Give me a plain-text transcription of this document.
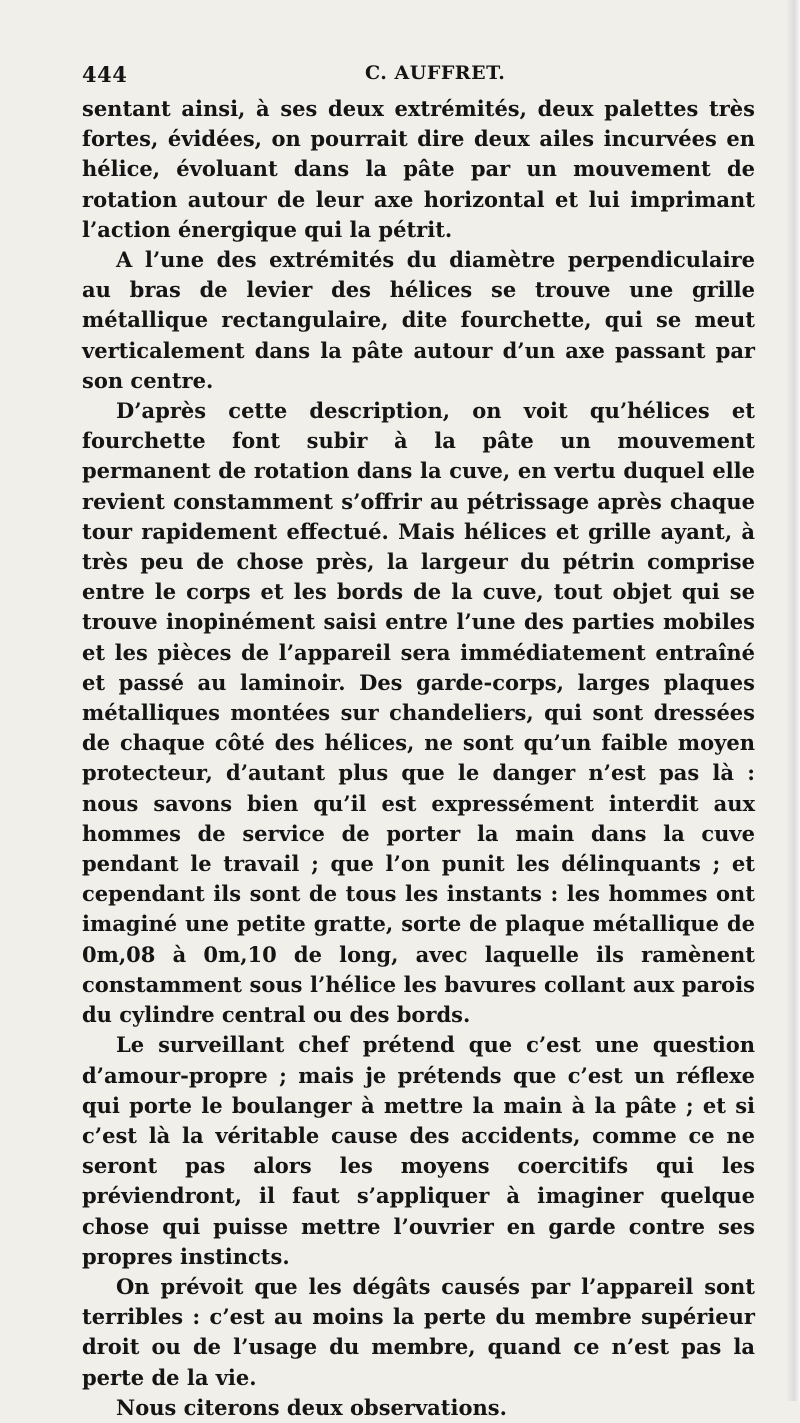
444	C. AUFFRET.

sentant ainsi, à ses deux extrémités, deux palettes très fortes, évidées, on pourrait dire deux ailes incurvées en hélice, évoluant dans la pâte par un mouvement de rotation autour de leur axe horizontal et lui imprimant l’action énergique qui la pétrit.

A l’une des extrémités du diamètre perpendiculaire au bras de levier des hélices se trouve une grille métallique rectangulaire, dite fourchette, qui se meut verticalement dans la pâte autour d’un axe passant par son centre.

D’après cette description, on voit qu’hélices et fourchette font subir à la pâte un mouvement permanent de rotation dans la cuve, en vertu duquel elle revient constamment s’offrir au pétrissage après chaque tour rapidement effectué. Mais hélices et grille ayant, à très peu de chose près, la largeur du pétrin comprise entre le corps et les bords de la cuve, tout objet qui se trouve inopinément saisi entre l’une des parties mobiles et les pièces de l’appareil sera immédiatement entraîné et passé au laminoir. Des garde-corps, larges plaques métalliques montées sur chandeliers, qui sont dressées de chaque côté des hélices, ne sont qu’un faible moyen protecteur, d’autant plus que le danger n’est pas là : nous savons bien qu’il est expressément interdit aux hommes de service de porter la main dans la cuve pendant le travail ; que l’on punit les délinquants ; et cependant ils sont de tous les instants : les hommes ont imaginé une petite gratte, sorte de plaque métallique de 0m,08 à 0m,10 de long, avec laquelle ils ramènent constamment sous l’hélice les bavures collant aux parois du cylindre central ou des bords.

Le surveillant chef prétend que c’est une question d’amour-propre ; mais je prétends que c’est un réflexe qui porte le boulanger à mettre la main à la pâte ; et si c’est là la véritable cause des accidents, comme ce ne seront pas alors les moyens coercitifs qui les préviendront, il faut s’appliquer à imaginer quelque chose qui puisse mettre l’ouvrier en garde contre ses propres instincts.

On prévoit que les dégâts causés par l’appareil sont terribles : c’est au moins la perte du membre supérieur droit ou de l’usage du membre, quand ce n’est pas la perte de la vie.

Nous citerons deux observations.
